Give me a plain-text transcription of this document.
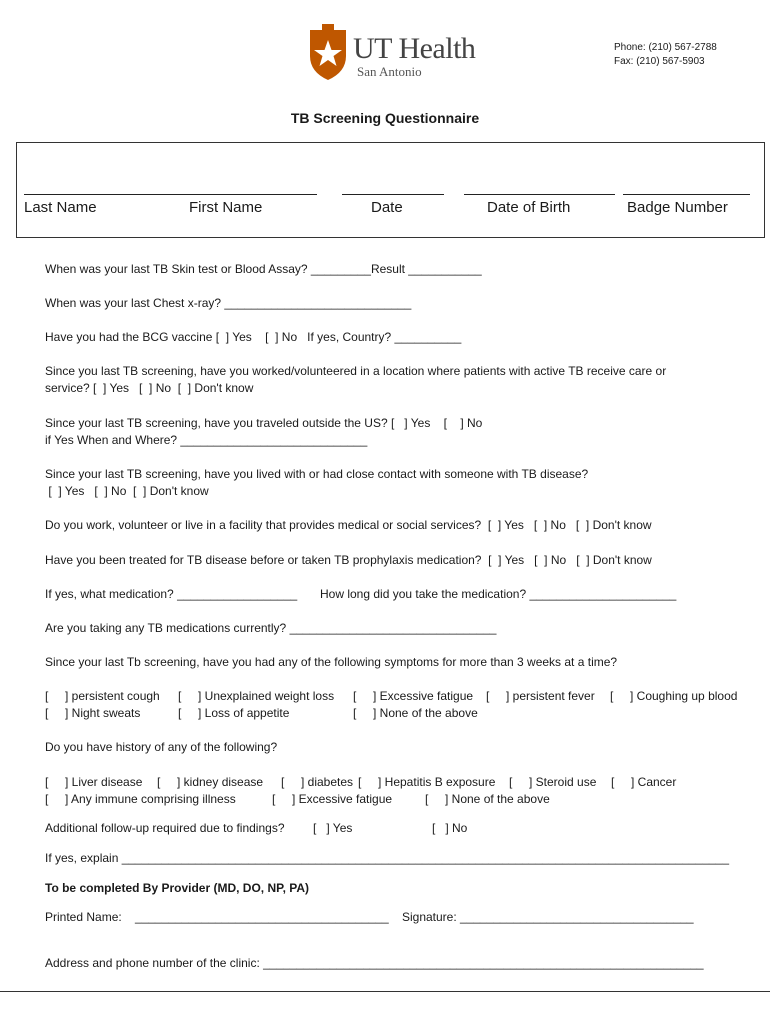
UT Health
San Antonio
Phone: (210) 567-2788
Fax: (210) 567-5903
TB Screening Questionnaire
Last Name	First Name	Date	Date of Birth	Badge Number
When was your last TB Skin test or Blood Assay? _________Result ___________
When was your last Chest x-ray? ____________________________
Have you had the BCG vaccine [  ] Yes    [  ] No   If yes, Country? __________
Since you last TB screening, have you worked/volunteered in a location where patients with active TB receive care or
service? [  ] Yes   [  ] No  [  ] Don't know
Since your last TB screening, have you traveled outside the US? [   ] Yes    [    ] No
if Yes When and Where? ____________________________
Since your last TB screening, have you lived with or had close contact with someone with TB disease?
[  ] Yes   [  ] No  [  ] Don't know
Do you work, volunteer or live in a facility that provides medical or social services?  [  ] Yes   [  ] No   [  ] Don't know
Have you been treated for TB disease before or taken TB prophylaxis medication?  [  ] Yes   [  ] No   [  ] Don't know
If yes, what medication? __________________ How long did you take the medication? ______________________
Are you taking any TB medications currently? _______________________________
Since your last Tb screening, have you had any of the following symptoms for more than 3 weeks at a time?
[     ] persistent cough [     ] Unexplained weight loss [     ] Excessive fatigue [     ] persistent fever [     ] Coughing up blood
[     ] Night sweats	[     ] Loss of appetite	[     ] None of the above
Do you have history of any of the following?
[     ] Liver disease [     ] kidney disease [     ] diabetes [     ] Hepatitis B exposure [     ] Steroid use [     ] Cancer
[     ] Any immune comprising illness	[     ] Excessive fatigue	[     ] None of the above
Additional follow-up required due to findings? [   ] Yes	[   ] No
If yes, explain ___________________________________________________________________________________________
To be completed By Provider (MD, DO, NP, PA)
Printed Name:    ______________________________________    Signature: ___________________________________
Address and phone number of the clinic: __________________________________________________________________
